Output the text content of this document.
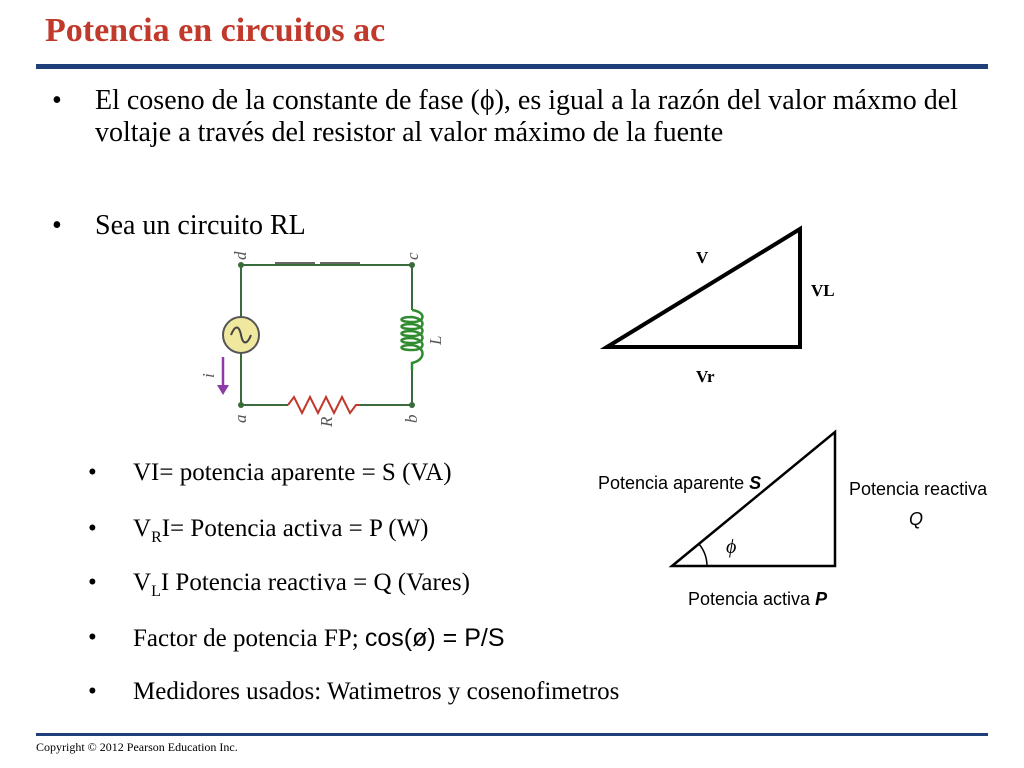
Potencia en circuitos ac
• El coseno de la constante de fase (ϕ), es igual a la razón del valor máxmo del voltaje a través del resistor al valor máximo de la fuente
• Sea un circuito RL
d	c
a	b
R
L
i
V
VL
Vr
• VI= potencia aparente = S (VA)
• $V_RI=$ Potencia activa = P (W)
• $V_LI$ Potencia reactiva = Q (Vares)
• Factor de potencia FP; cos(ø) = P/S
• Medidores usados: Watimetros y cosenofimetros
ϕ
Potencia aparente S	Potencia reactiva
Q
Potencia activa P
Copyright © 2012 Pearson Education Inc.
